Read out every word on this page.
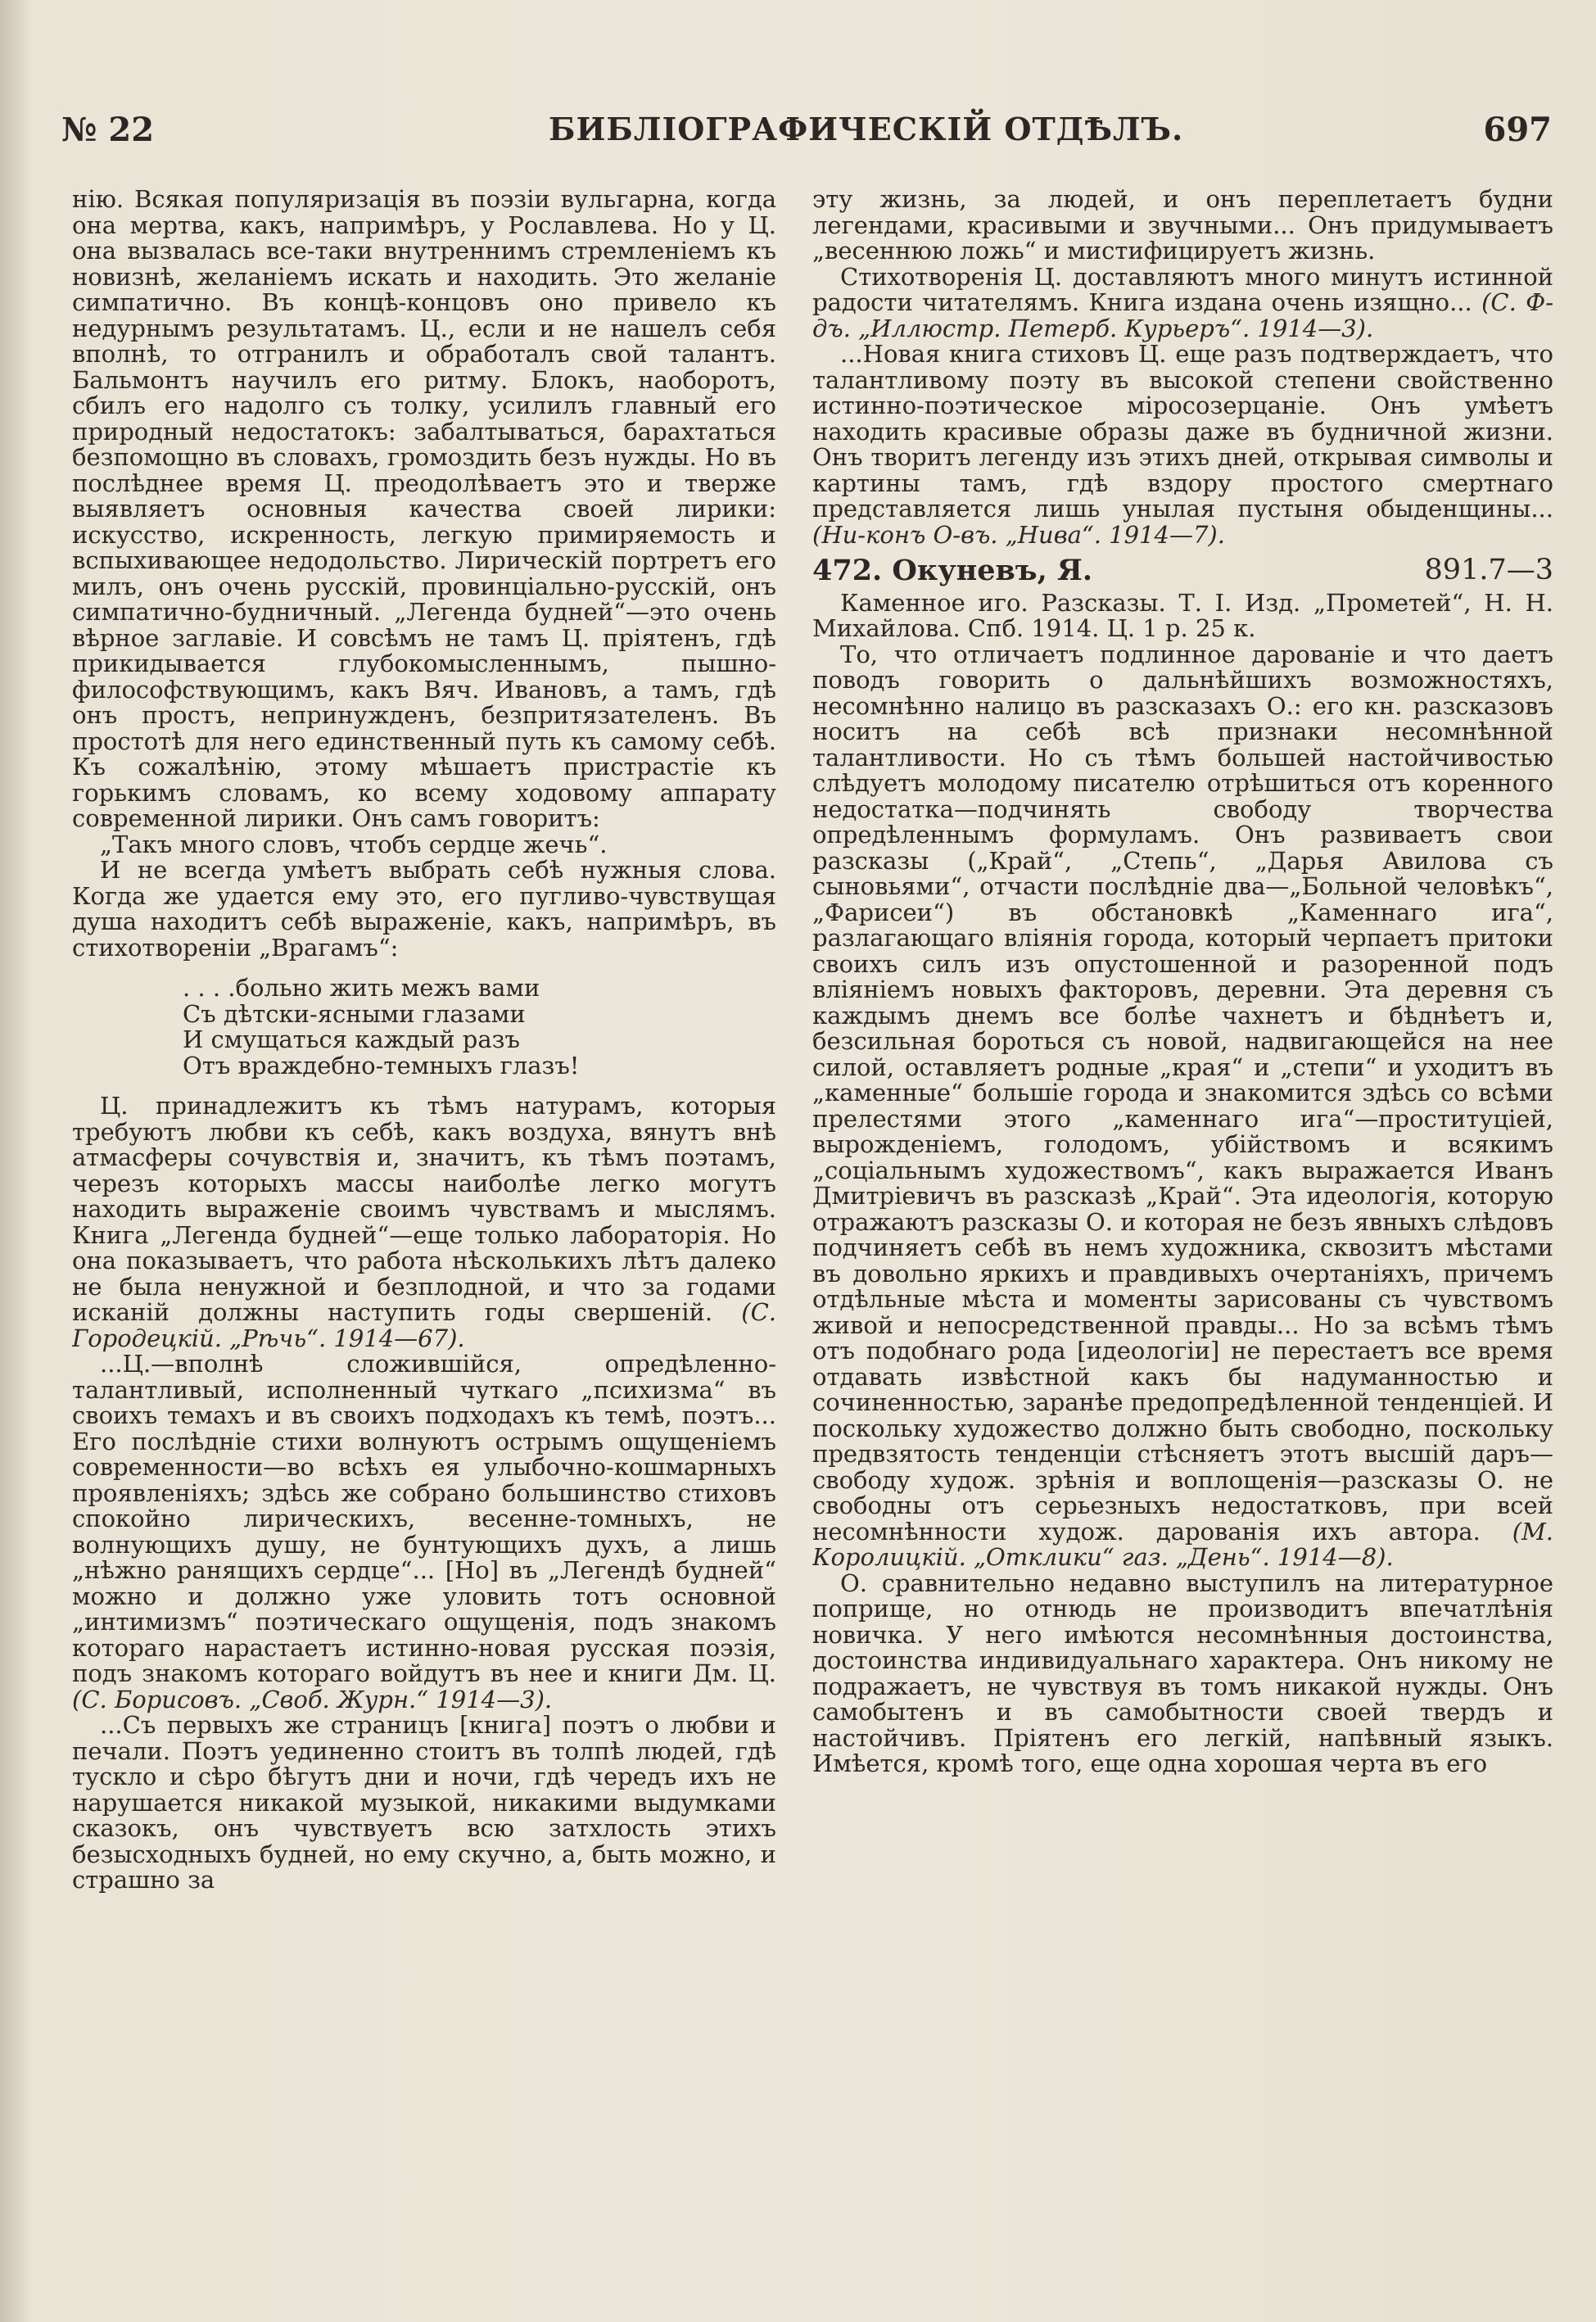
№ 22	БИБЛІОГРАФИЧЕСКІЙ ОТДѢЛЪ.	697

нію. Всякая популяризація въ поэзіи вульгарна, когда она мертва, какъ, напримѣръ, у Рославлева. Но у Ц. она вызвалась все-таки внутреннимъ стремленіемъ къ новизнѣ, желаніемъ искать и находить. Это желаніе симпатично. Въ концѣ-концовъ оно привело къ недурнымъ результатамъ. Ц., если и не нашелъ себя вполнѣ, то отгранилъ и обработалъ свой талантъ. Бальмонтъ научилъ его ритму. Блокъ, наоборотъ, сбилъ его надолго съ толку, усилилъ главный его природный недостатокъ: забалтываться, барахтаться безпомощно въ словахъ, громоздить безъ нужды. Но въ послѣднее время Ц. преодолѣваетъ это и тверже выявляетъ основныя качества своей лирики: искусство, искренность, легкую примиряемость и вспыхивающее недодольство. Лирическій портретъ его милъ, онъ очень русскій, провинціально-русскій, онъ симпатично-будничный. „Легенда будней“—это очень вѣрное заглавіе. И совсѣмъ не тамъ Ц. пріятенъ, гдѣ прикидывается глубокомысленнымъ, пышно-философствующимъ, какъ Вяч. Ивановъ, а тамъ, гдѣ онъ простъ, непринужденъ, безпритязателенъ. Въ простотѣ для него единственный путь къ самому себѣ. Къ сожалѣнію, этому мѣшаетъ пристрастіе къ горькимъ словамъ, ко всему ходовому аппарату современной лирики. Онъ самъ говоритъ:

„Такъ много словъ, чтобъ сердце жечь“.

И не всегда умѣетъ выбрать себѣ нужныя слова. Когда же удается ему это, его пугливо-чувствущая душа находитъ себѣ выраженіе, какъ, напримѣръ, въ стихотвореніи „Врагамъ“:

. . . .больно жить межъ вами
Съ дѣтски-ясными глазами
И смущаться каждый разъ
Отъ враждебно-темныхъ глазъ!

Ц. принадлежитъ къ тѣмъ натурамъ, которыя требуютъ любви къ себѣ, какъ воздуха, вянутъ внѣ атмасферы сочувствія и, значитъ, къ тѣмъ поэтамъ, черезъ которыхъ массы наиболѣе легко могутъ находить выраженіе своимъ чувствамъ и мыслямъ. Книга „Легенда будней“—еще только лабораторія. Но она показываетъ, что работа нѣсколькихъ лѣтъ далеко не была ненужной и безплодной, и что за годами исканій должны наступить годы свершеній. (С. Городецкій. „Рѣчь“. 1914—67).

...Ц.—вполнѣ сложившійся, опредѣленно-талантливый, исполненный чуткаго „психизма“ въ своихъ темахъ и въ своихъ подходахъ къ темѣ, поэтъ... Его послѣдніе стихи волнуютъ острымъ ощущеніемъ современности—во всѣхъ ея улыбочно-кошмарныхъ проявленіяхъ; здѣсь же собрано большинство стиховъ спокойно лирическихъ, весенне-томныхъ, не волнующихъ душу, не бунтующихъ духъ, а лишь „нѣжно ранящихъ сердце“... [Но] въ „Легендѣ будней“ можно и должно уже уловить тотъ основной „интимизмъ“ поэтическаго ощущенія, подъ знакомъ котораго нарастаетъ истинно-новая русская поэзія, подъ знакомъ котораго войдутъ въ нее и книги Дм. Ц. (С. Борисовъ. „Своб. Журн.“ 1914—3).

...Съ первыхъ же страницъ [книга] поэтъ о любви и печали. Поэтъ уединенно стоитъ въ толпѣ людей, гдѣ тускло и сѣро бѣгутъ дни и ночи, гдѣ чередъ ихъ не нарушается никакой музыкой, никакими выдумками сказокъ, онъ чувствуетъ всю затхлость этихъ безысходныхъ будней, но ему скучно, а, быть можно, и страшно за

эту жизнь, за людей, и онъ переплетаетъ будни легендами, красивыми и звучными... Онъ придумываетъ „весеннюю ложь“ и мистифицируетъ жизнь.

Стихотворенія Ц. доставляютъ много минутъ истинной радости читателямъ. Книга издана очень изящно... (С. Ф-дъ. „Иллюстр. Петерб. Курьеръ“. 1914—3).

...Новая книга стиховъ Ц. еще разъ подтверждаетъ, что талантливому поэту въ высокой степени свойственно истинно-поэтическое міросозерцаніе. Онъ умѣетъ находить красивые образы даже въ будничной жизни. Онъ творитъ легенду изъ этихъ дней, открывая символы и картины тамъ, гдѣ вздору простого смертнаго представляется лишь унылая пустыня обыденщины... (Ни-конъ О-въ. „Нива“. 1914—7).

472. Окуневъ, Я.	891.7—3

Каменное иго. Разсказы. Т. I. Изд. „Прометей“, Н. Н. Михайлова. Спб. 1914. Ц. 1 р. 25 к.

То, что отличаетъ подлинное дарованіе и что даетъ поводъ говорить о дальнѣйшихъ возможностяхъ, несомнѣнно налицо въ разсказахъ О.: его кн. разсказовъ носитъ на себѣ всѣ признаки несомнѣнной талантливости. Но съ тѣмъ большей настойчивостью слѣдуетъ молодому писателю отрѣшиться отъ коренного недостатка—подчинять свободу творчества опредѣленнымъ формуламъ. Онъ развиваетъ свои разсказы („Край“, „Степь“, „Дарья Авилова съ сыновьями“, отчасти послѣдніе два—„Больной человѣкъ“, „Фарисеи“) въ обстановкѣ „Каменнаго ига“, разлагающаго вліянія города, который черпаетъ притоки своихъ силъ изъ опустошенной и разоренной подъ вліяніемъ новыхъ факторовъ, деревни. Эта деревня съ каждымъ днемъ все болѣе чахнетъ и бѣднѣетъ и, безсильная бороться съ новой, надвигающейся на нее силой, оставляетъ родные „края“ и „степи“ и уходитъ въ „каменные“ большіе города и знакомится здѣсь со всѣми прелестями этого „каменнаго ига“—проституціей, вырожденіемъ, голодомъ, убійствомъ и всякимъ „соціальнымъ художествомъ“, какъ выражается Иванъ Дмитріевичъ въ разсказѣ „Край“. Эта идеологія, которую отражаютъ разсказы О. и которая не безъ явныхъ слѣдовъ подчиняетъ себѣ въ немъ художника, сквозитъ мѣстами въ довольно яркихъ и правдивыхъ очертаніяхъ, причемъ отдѣльные мѣста и моменты зарисованы съ чувствомъ живой и непосредственной правды... Но за всѣмъ тѣмъ отъ подобнаго рода [идеологіи] не перестаетъ все время отдавать извѣстной какъ бы надуманностью и сочиненностью, заранѣе предопредѣленной тенденціей. И поскольку художество должно быть свободно, поскольку предвзятость тенденціи стѣсняетъ этотъ высшій даръ—свободу худож. зрѣнія и воплощенія—разсказы О. не свободны отъ серьезныхъ недостатковъ, при всей несомнѣнности худож. дарованія ихъ автора. (М. Королицкій. „Отклики“ газ. „День“. 1914—8).

О. сравнительно недавно выступилъ на литературное поприще, но отнюдь не производитъ впечатлѣнія новичка. У него имѣются несомнѣнныя достоинства, достоинства индивидуальнаго характера. Онъ никому не подражаетъ, не чувствуя въ томъ никакой нужды. Онъ самобытенъ и въ самобытности своей твердъ и настойчивъ. Пріятенъ его легкій, напѣвный языкъ. Имѣется, кромѣ того, еще одна хорошая черта въ его
